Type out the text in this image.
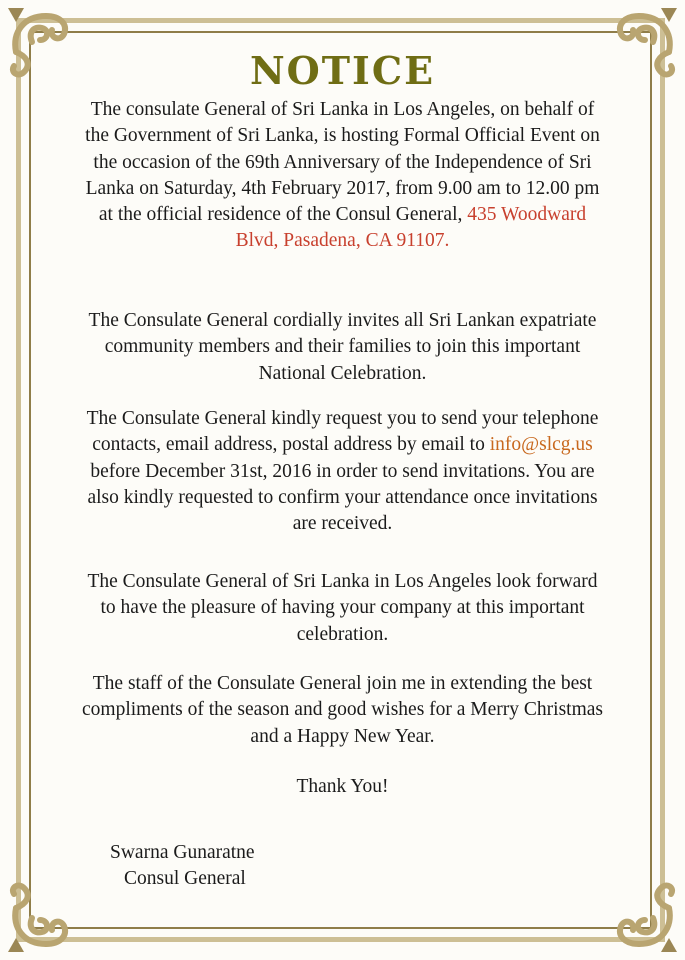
NOTICE
The consulate General of Sri Lanka in Los Angeles, on behalf of the Government of Sri Lanka, is hosting Formal Official Event on the occasion of the 69th Anniversary of the Independence of Sri Lanka on Saturday, 4th February 2017, from 9.00 am to 12.00 pm at the official residence of the Consul General, 435 Woodward Blvd, Pasadena, CA 91107.
The Consulate General cordially invites all Sri Lankan expatriate community members and their families to join this important National Celebration.
The Consulate General kindly request you to send your telephone contacts, email address, postal address by email to info@slcg.us before December 31st, 2016 in order to send invitations. You are also kindly requested to confirm your attendance once invitations are received.
The Consulate General of Sri Lanka in Los Angeles look forward to have the pleasure of having your company at this important celebration.
The staff of the Consulate General join me in extending the best compliments of the season and good wishes for a Merry Christmas and a Happy New Year.
Thank You!
Swarna Gunaratne
Consul General
